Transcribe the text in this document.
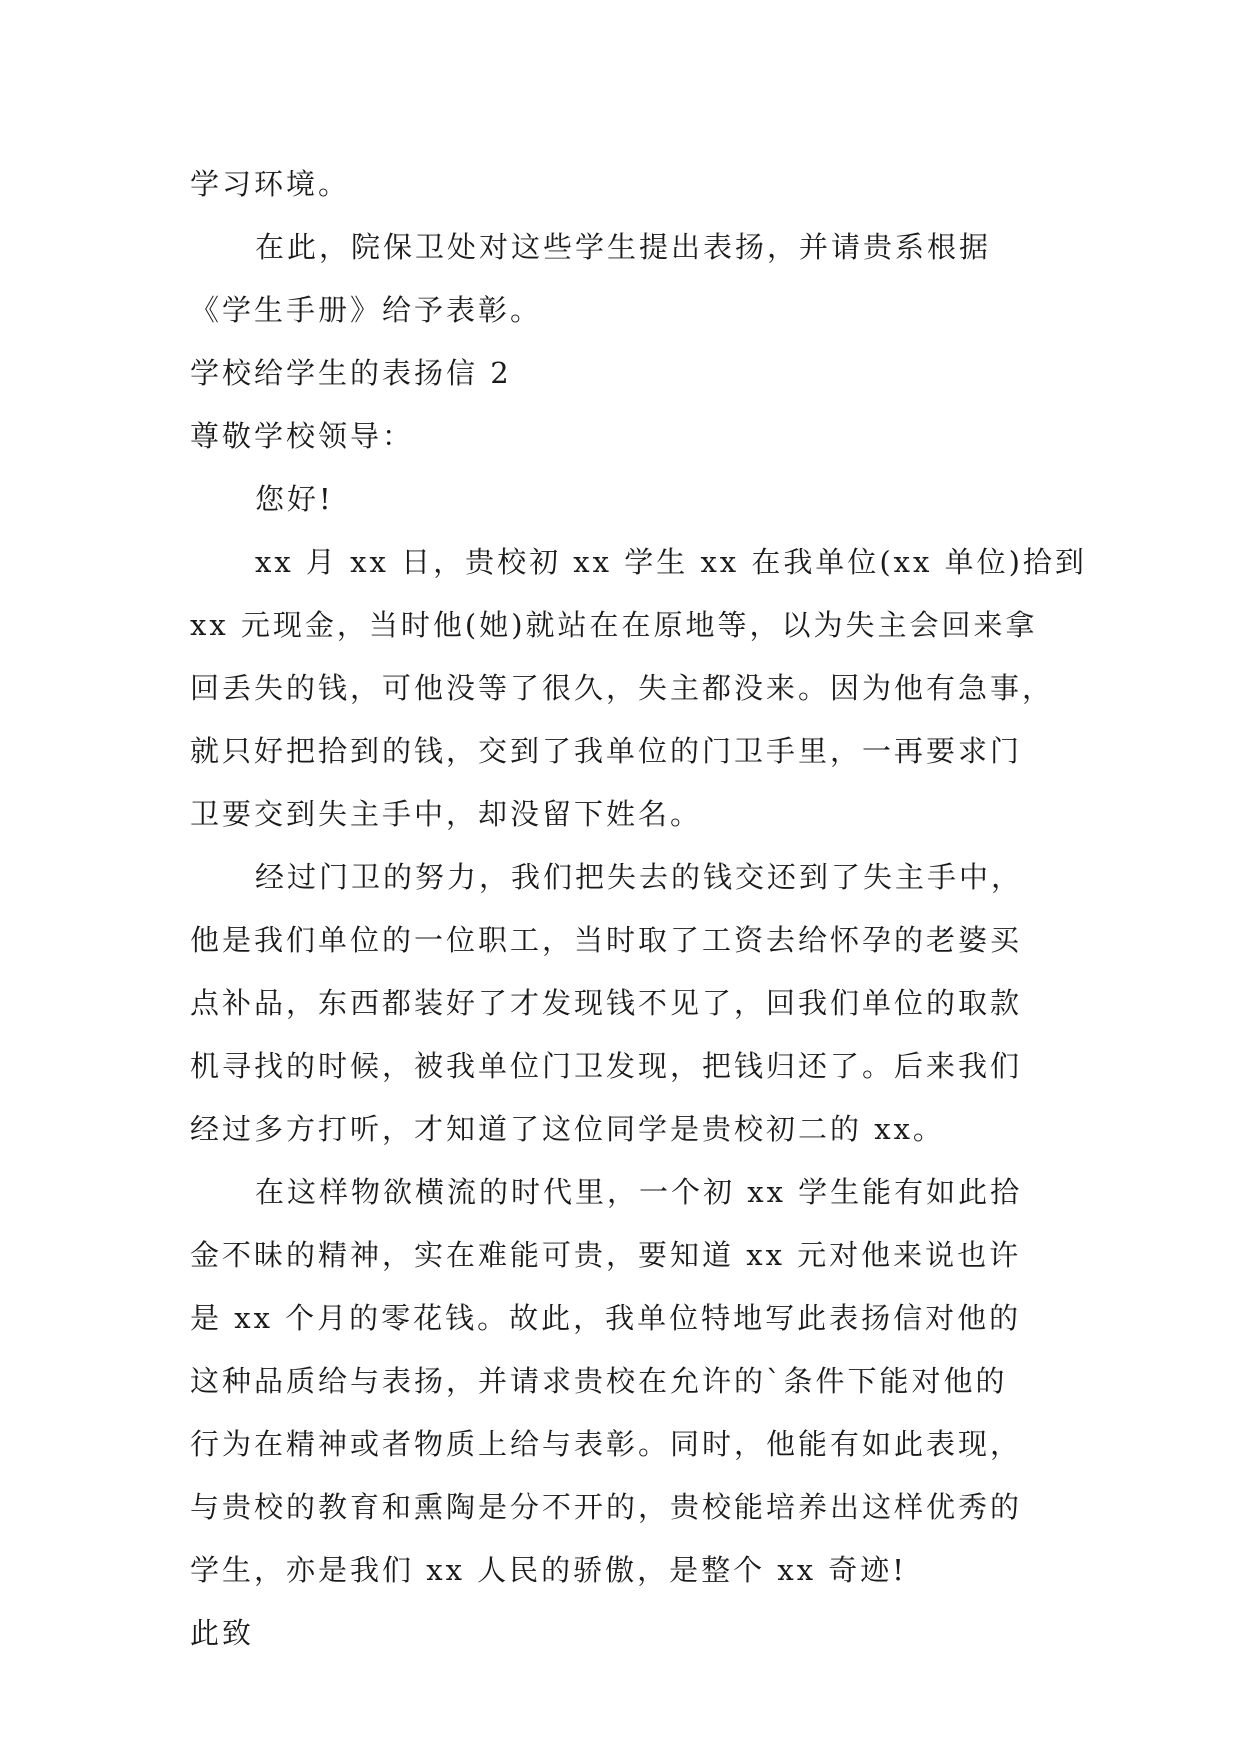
学习环境。
在此，院保卫处对这些学生提出表扬，并请贵系根据
《学生手册》给予表彰。
学校给学生的表扬信 2
尊敬学校领导：
您好!
xx 月 xx 日，贵校初 xx 学生 xx 在我单位(xx 单位)拾到
xx 元现金，当时他(她)就站在在原地等，以为失主会回来拿
回丢失的钱，可他没等了很久，失主都没来。因为他有急事，
就只好把拾到的钱，交到了我单位的门卫手里，一再要求门
卫要交到失主手中，却没留下姓名。
经过门卫的努力，我们把失去的钱交还到了失主手中，
他是我们单位的一位职工，当时取了工资去给怀孕的老婆买
点补品，东西都装好了才发现钱不见了，回我们单位的取款
机寻找的时候，被我单位门卫发现，把钱归还了。后来我们
经过多方打听，才知道了这位同学是贵校初二的 xx。
在这样物欲横流的时代里，一个初 xx 学生能有如此拾
金不昧的精神，实在难能可贵，要知道 xx 元对他来说也许
是 xx 个月的零花钱。故此，我单位特地写此表扬信对他的
这种品质给与表扬，并请求贵校在允许的`条件下能对他的
行为在精神或者物质上给与表彰。同时，他能有如此表现，
与贵校的教育和熏陶是分不开的，贵校能培养出这样优秀的
学生，亦是我们 xx 人民的骄傲，是整个 xx 奇迹!
此致
